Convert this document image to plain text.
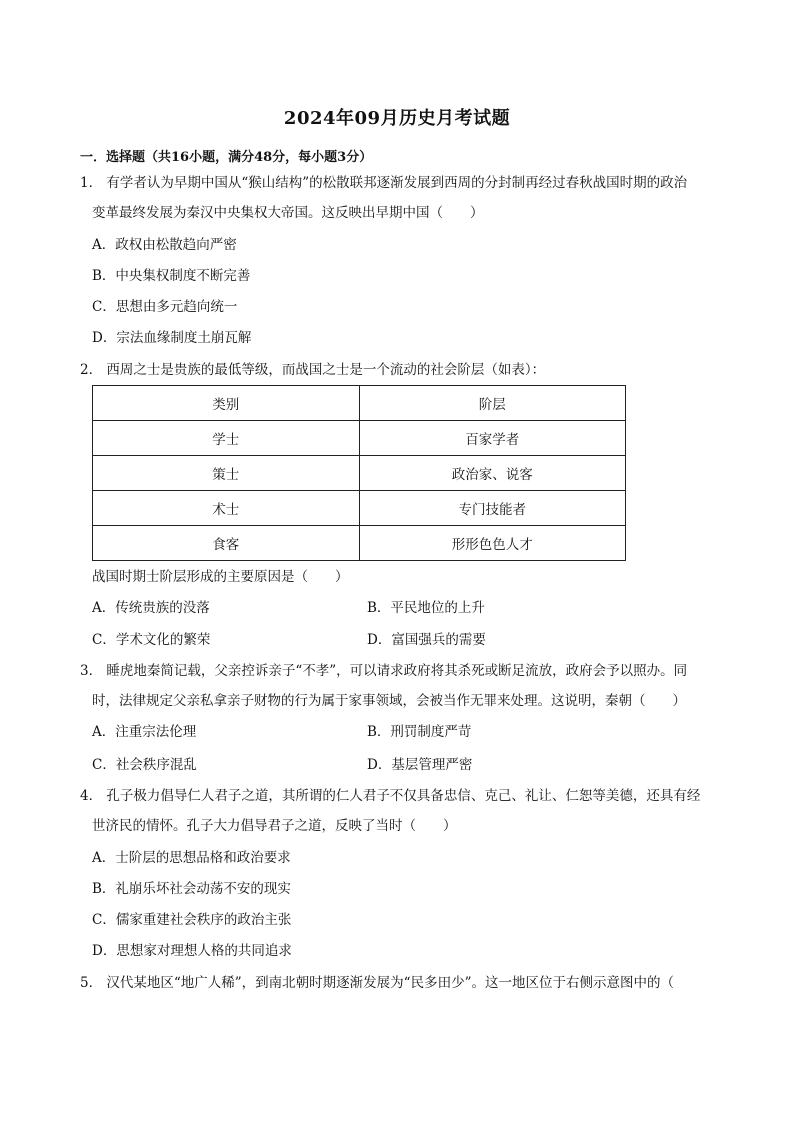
2024年09月历史月考试题
一．选择题（共16小题，满分48分，每小题3分）
1． 有学者认为早期中国从“猴山结构”的松散联邦逐渐发展到西周的分封制再经过春秋战国时期的政治
变革最终发展为秦汉中央集权大帝国。这反映出早期中国（　　）
A．政权由松散趋向严密
B．中央集权制度不断完善
C．思想由多元趋向统一
D．宗法血缘制度土崩瓦解
2． 西周之士是贵族的最低等级，而战国之士是一个流动的社会阶层（如表）：
类别	阶层
学士	百家学者
策士	政治家、说客
术士	专门技能者
食客	形形色色人才
战国时期士阶层形成的主要原因是（　　）
A．传统贵族的没落	B．平民地位的上升
C．学术文化的繁荣	D．富国强兵的需要
3． 睡虎地秦简记载，父亲控诉亲子“不孝”，可以请求政府将其杀死或断足流放，政府会予以照办。同
时，法律规定父亲私拿亲子财物的行为属于家事领域，会被当作无罪来处理。这说明，秦朝（　　）
A．注重宗法伦理	B．刑罚制度严苛
C．社会秩序混乱	D．基层管理严密
4． 孔子极力倡导仁人君子之道，其所谓的仁人君子不仅具备忠信、克己、礼让、仁恕等美德，还具有经
世济民的情怀。孔子大力倡导君子之道，反映了当时（　　）
A．士阶层的思想品格和政治要求
B．礼崩乐坏社会动荡不安的现实
C．儒家重建社会秩序的政治主张
D．思想家对理想人格的共同追求
5． 汉代某地区“地广人稀”，到南北朝时期逐渐发展为“民多田少”。这一地区位于右侧示意图中的（
